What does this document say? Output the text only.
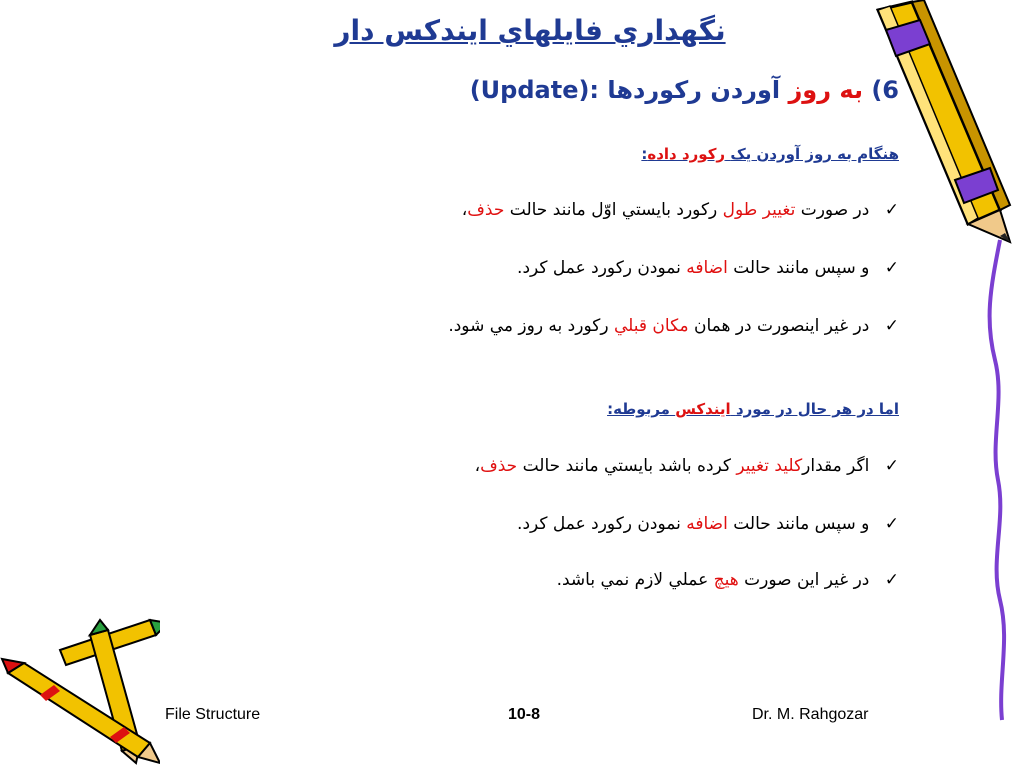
نگهداري فايلهاي ايندکس دار
6) به روز آوردن رکوردها (Update):
هنگام به روز آوردن يک رکورد داده:
✓ در صورت تغيير طول رکورد بايستي اوّل مانند حالت حذف،
✓ و سپس مانند حالت اضافه نمودن رکورد عمل کرد.
✓ در غير اينصورت در همان مکان قبلي رکورد به روز مي شود.
اما در هر حال در مورد ايندکس مربوطه:
✓ اگر مقدارکليد تغيير کرده باشد بايستي مانند حالت حذف،
✓ و سپس مانند حالت اضافه نمودن رکورد عمل کرد.
✓ در غير اين صورت هيچ عملي لازم نمي باشد.
File Structure	10-8	Dr. M. Rahgozar
